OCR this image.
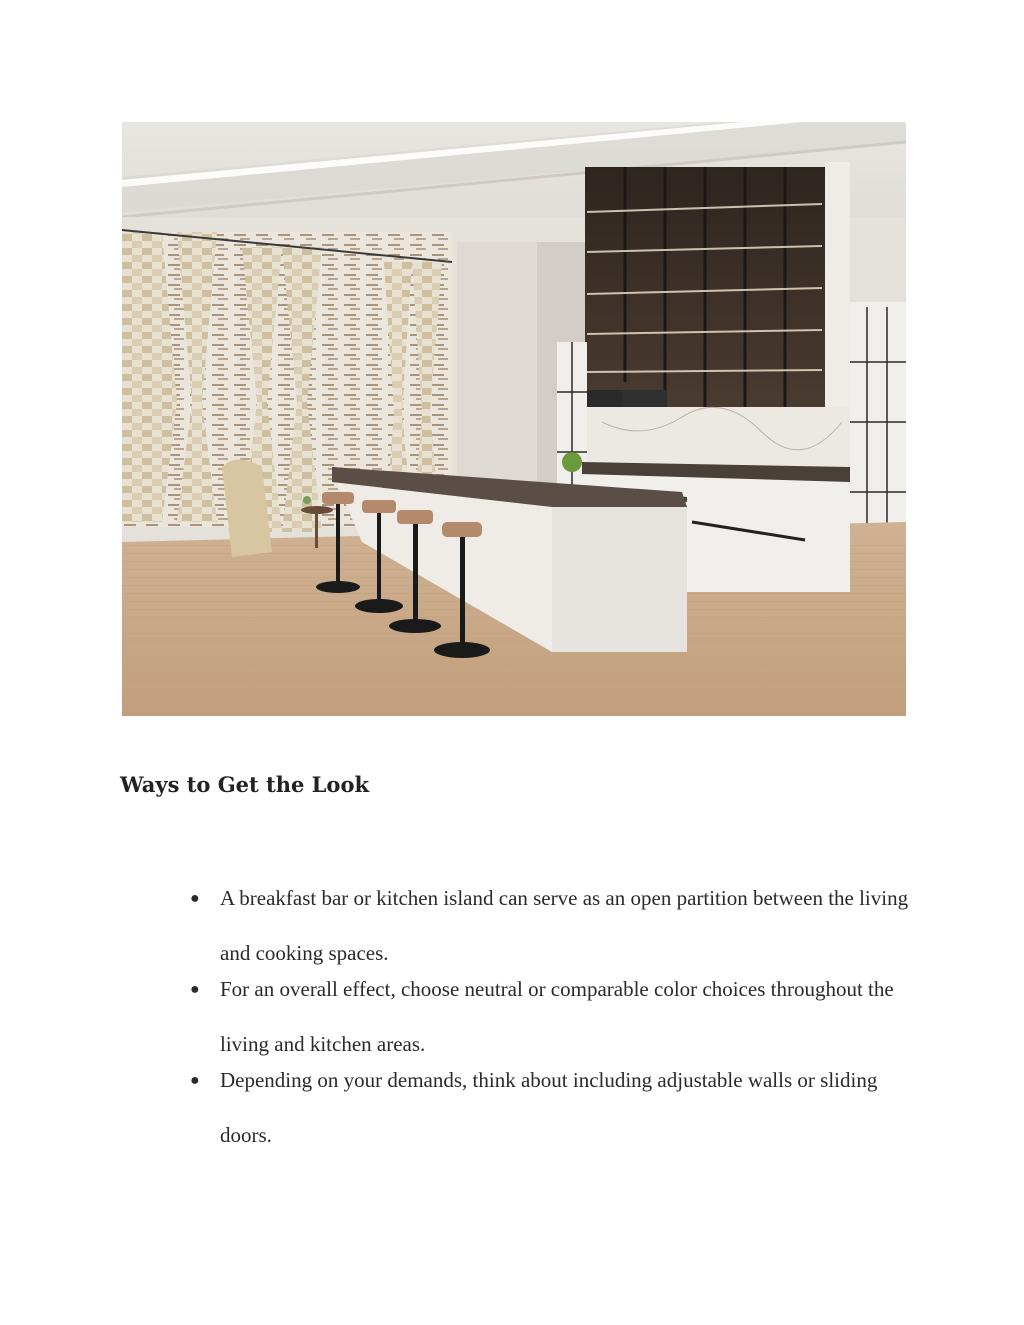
Ways to Get the Look
● A breakfast bar or kitchen island can serve as an open partition between the living and cooking spaces.
● For an overall effect, choose neutral or comparable color choices throughout the living and kitchen areas.
● Depending on your demands, think about including adjustable walls or sliding doors.
